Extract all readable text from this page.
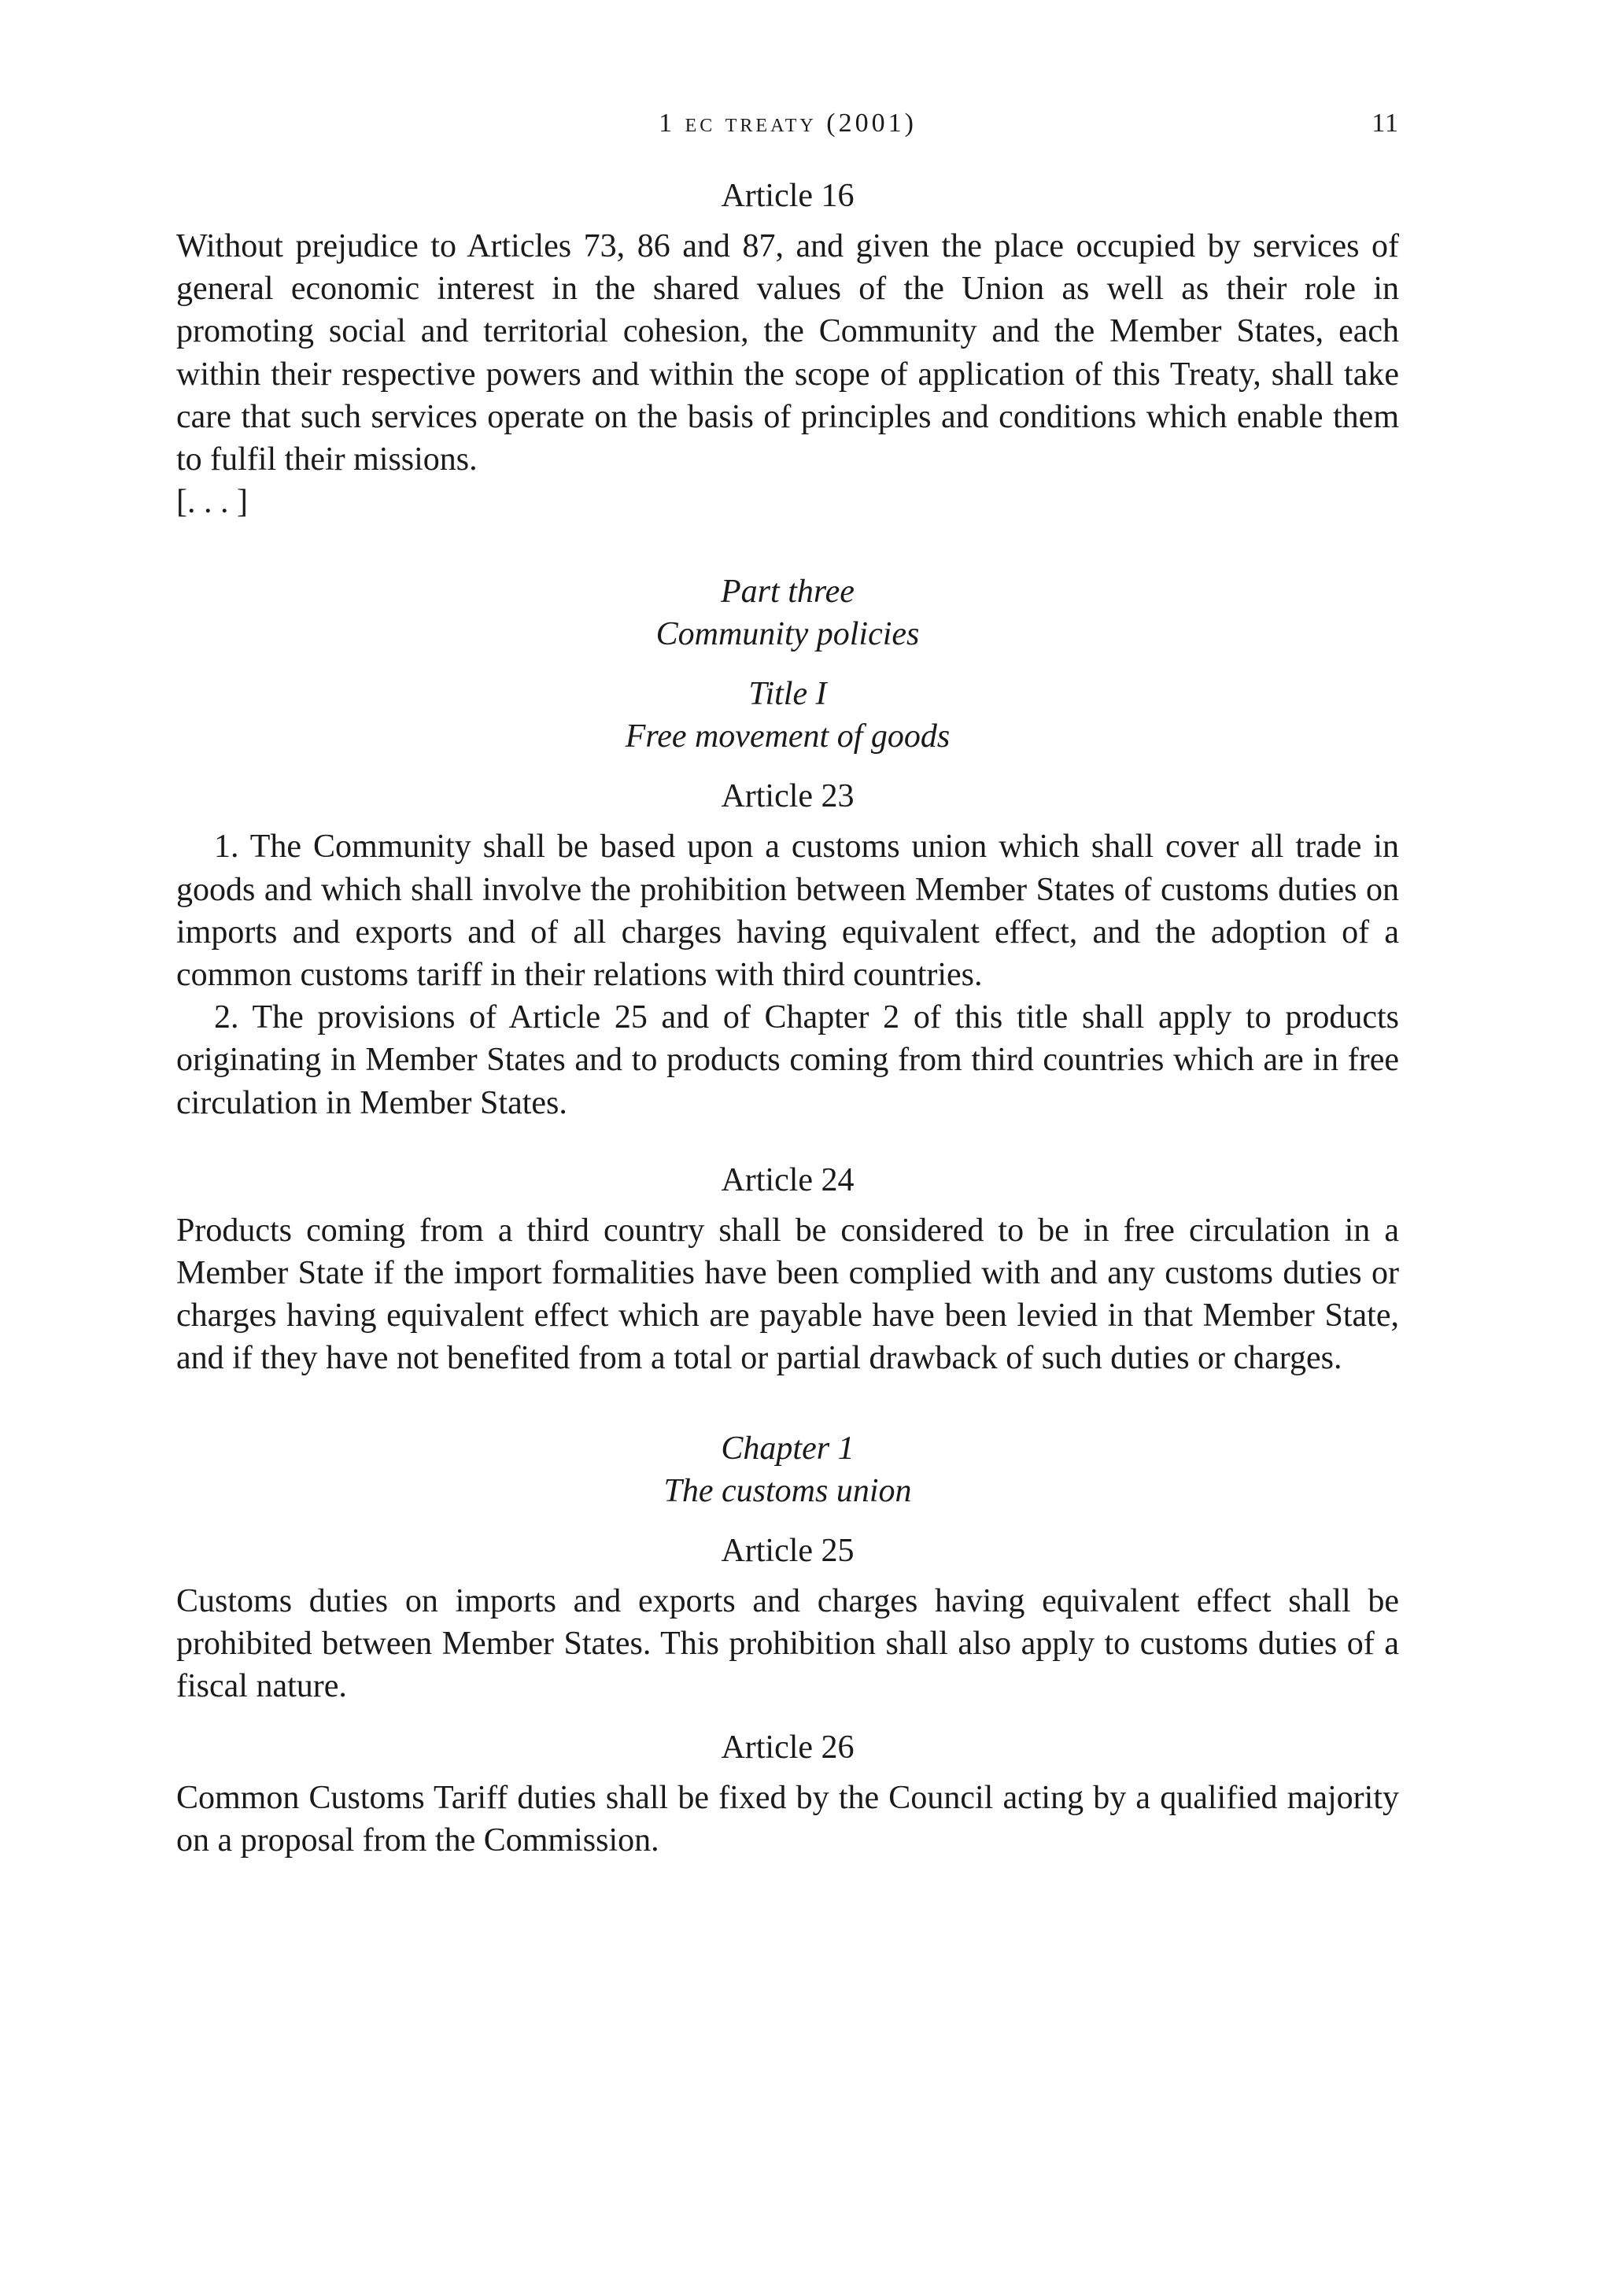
1 ec treaty (2001)	11
Article 16

Without prejudice to Articles 73, 86 and 87, and given the place occupied by services of general economic interest in the shared values of the Union as well as their role in promoting social and territorial cohesion, the Community and the Member States, each within their respective powers and within the scope of application of this Treaty, shall take care that such services operate on the basis of principles and conditions which enable them to fulfil their missions.

[. . . ]

Part three

Community policies

Title I

Free movement of goods

Article 23

1. The Community shall be based upon a customs union which shall cover all trade in goods and which shall involve the prohibition between Member States of customs duties on imports and exports and of all charges having equivalent effect, and the adoption of a common customs tariff in their relations with third countries.

2. The provisions of Article 25 and of Chapter 2 of this title shall apply to products originating in Member States and to products coming from third countries which are in free circulation in Member States.

Article 24

Products coming from a third country shall be considered to be in free circulation in a Member State if the import formalities have been complied with and any customs duties or charges having equivalent effect which are payable have been levied in that Member State, and if they have not benefited from a total or partial drawback of such duties or charges.

Chapter 1

The customs union

Article 25

Customs duties on imports and exports and charges having equivalent effect shall be prohibited between Member States. This prohibition shall also apply to customs duties of a fiscal nature.

Article 26

Common Customs Tariff duties shall be fixed by the Council acting by a qualified majority on a proposal from the Commission.
